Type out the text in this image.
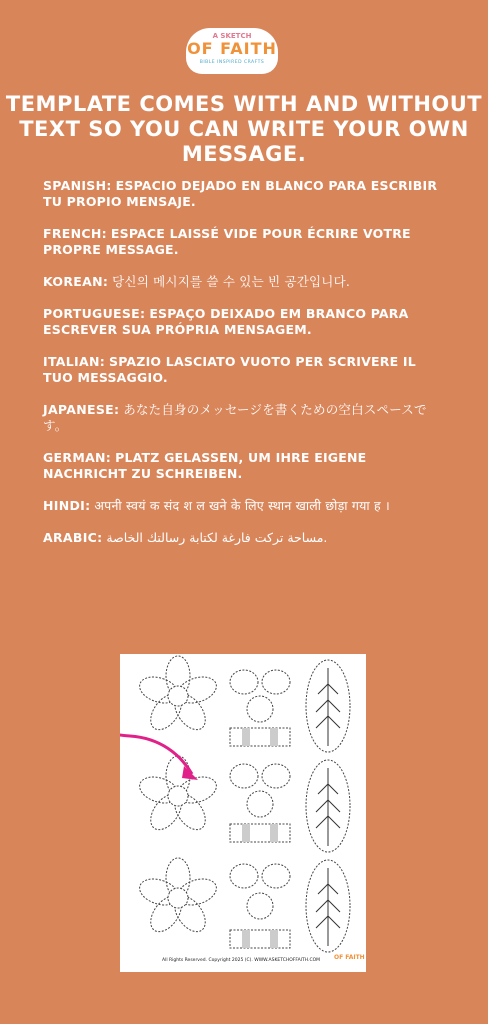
A SKETCH
OF FAITH
BIBLE INSPIRED CRAFTS
TEMPLATE COMES WITH AND WITHOUT TEXT SO YOU CAN WRITE YOUR OWN MESSAGE.
SPANISH: ESPACIO DEJADO EN BLANCO PARA ESCRIBIR TU PROPIO MENSAJE.
FRENCH: ESPACE LAISSÉ VIDE POUR ÉCRIRE VOTRE PROPRE MESSAGE.
KOREAN: 당신의 메시지를 쓸 수 있는 빈 공간입니다.
PORTUGUESE: ESPAÇO DEIXADO EM BRANCO PARA ESCREVER SUA PRÓPRIA MENSAGEM.
ITALIAN: SPAZIO LASCIATO VUOTO PER SCRIVERE IL TUO MESSAGGIO.
JAPANESE: あなた自身のメッセージを書くための空白スペースです。
GERMAN: PLATZ GELASSEN, UM IHRE EIGENE NACHRICHT ZU SCHREIBEN.
HINDI: अपनी स्वयं क संद श ल खने के लिए स्थान खाली छोड़ा गया ह ।
ARABIC: مساحة تركت فارغة لكتابة رسالتك الخاصة.
All Rights Reserved. Copyright 2025 (C). WWW.ASKETCHOFFAITH.COM OF FAITH
